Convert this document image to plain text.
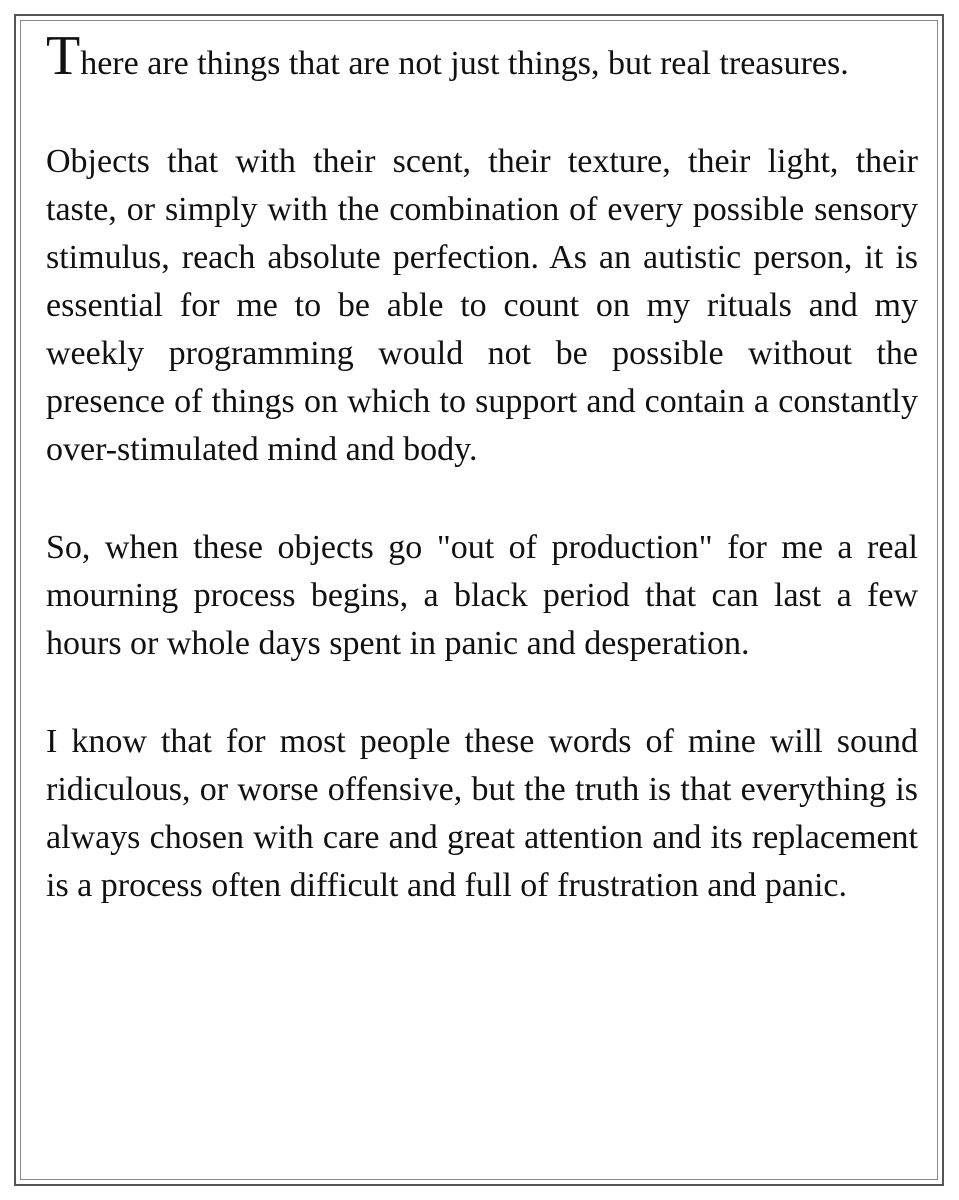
There are things that are not just things, but real treasures.

Objects that with their scent, their texture, their light, their taste, or simply with the combination of every possible sensory stimulus, reach absolute perfection. As an autistic person, it is essential for me to be able to count on my rituals and my weekly programming would not be possible without the presence of things on which to support and contain a constantly over-stimulated mind and body.

So, when these objects go "out of production" for me a real mourning process begins, a black period that can last a few hours or whole days spent in panic and desperation.

I know that for most people these words of mine will sound ridiculous, or worse offensive, but the truth is that everything is always chosen with care and great attention and its replacement is a process often difficult and full of frustration and panic.
